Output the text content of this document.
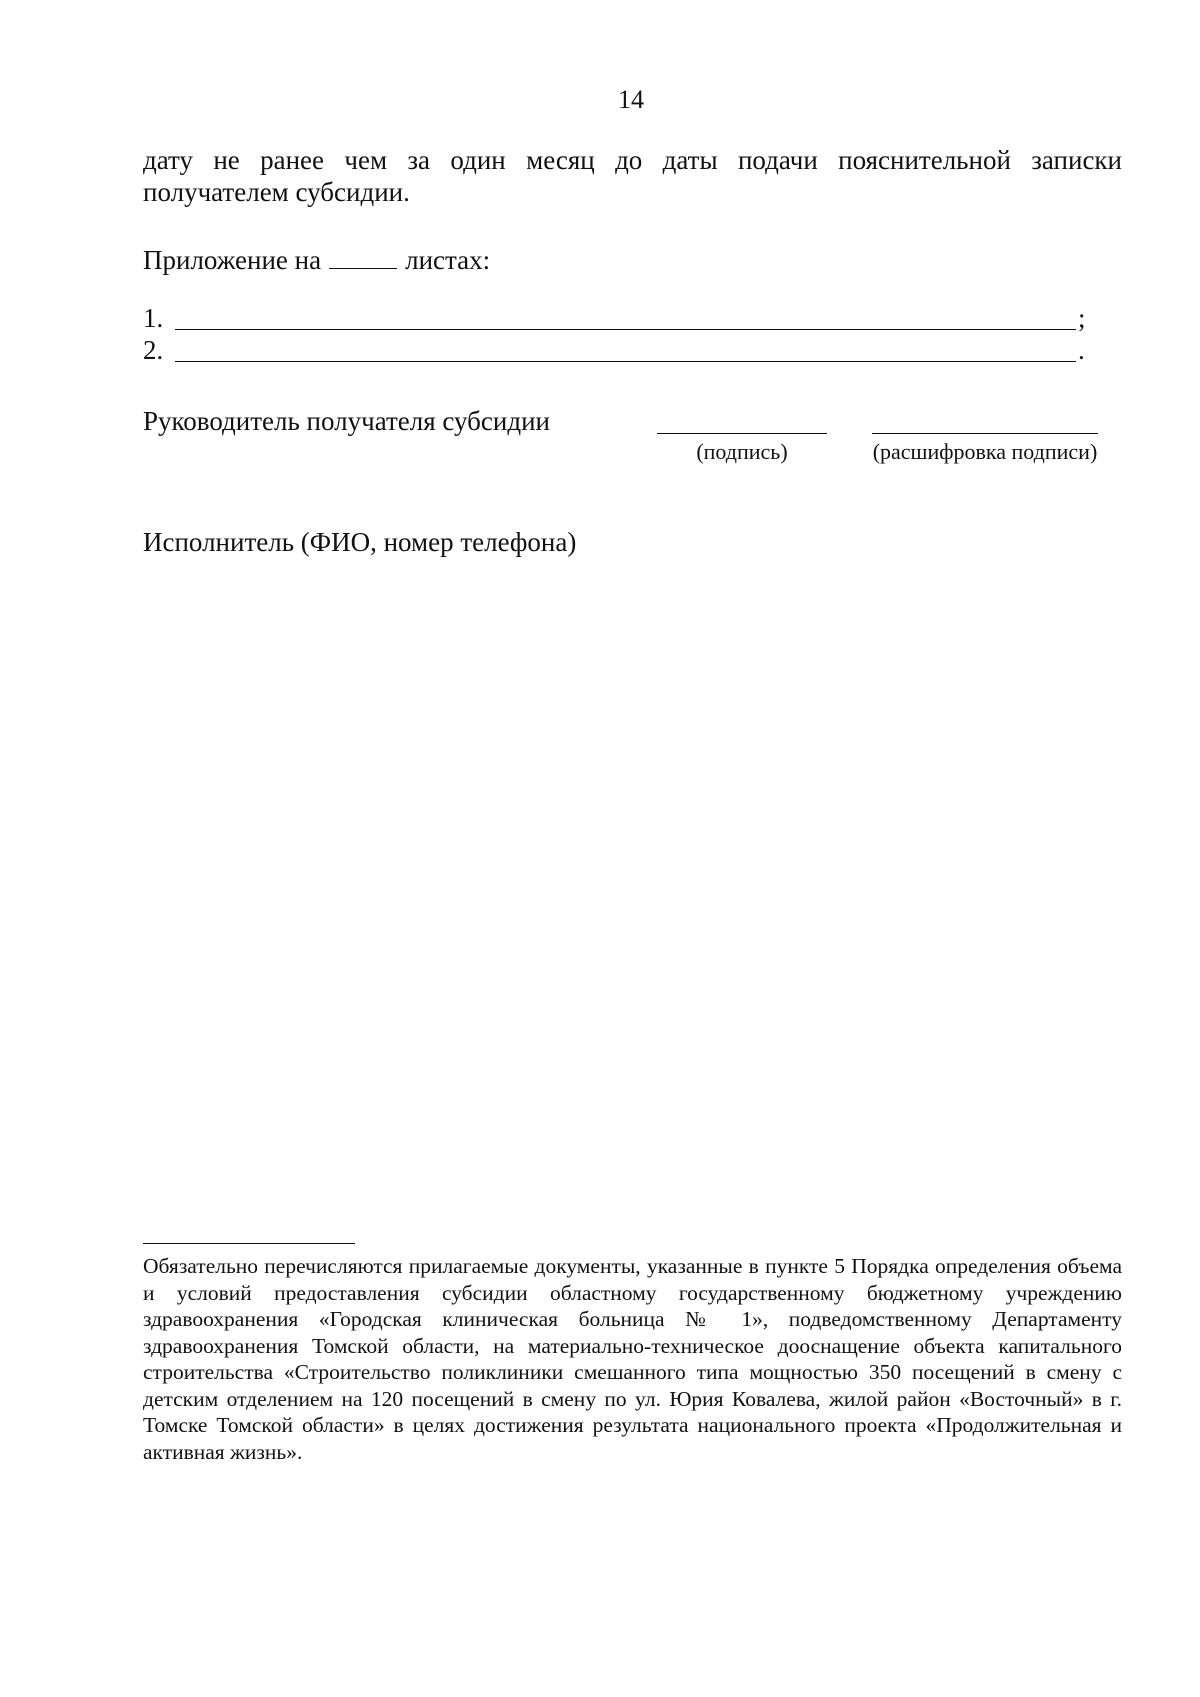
14
дату не ранее чем за один месяц до даты подачи пояснительной записки получателем субсидии.
Приложение на	листах:
1.	;
2.	.
Руководитель получателя субсидии
(подпись)	(расшифровка подписи)
Исполнитель (ФИО, номер телефона)
Обязательно перечисляются прилагаемые документы, указанные в пункте 5 Порядка определения объема и условий предоставления субсидии областному государственному бюджетному учреждению здравоохранения «Городская клиническая больница № 1», подведомственному Департаменту здравоохранения Томской области, на материально-техническое дооснащение объекта капитального строительства «Строительство поликлиники смешанного типа мощностью 350 посещений в смену с детским отделением на 120 посещений в смену по ул. Юрия Ковалева, жилой район «Восточный» в г. Томске Томской области» в целях достижения результата национального проекта «Продолжительная и активная жизнь».
